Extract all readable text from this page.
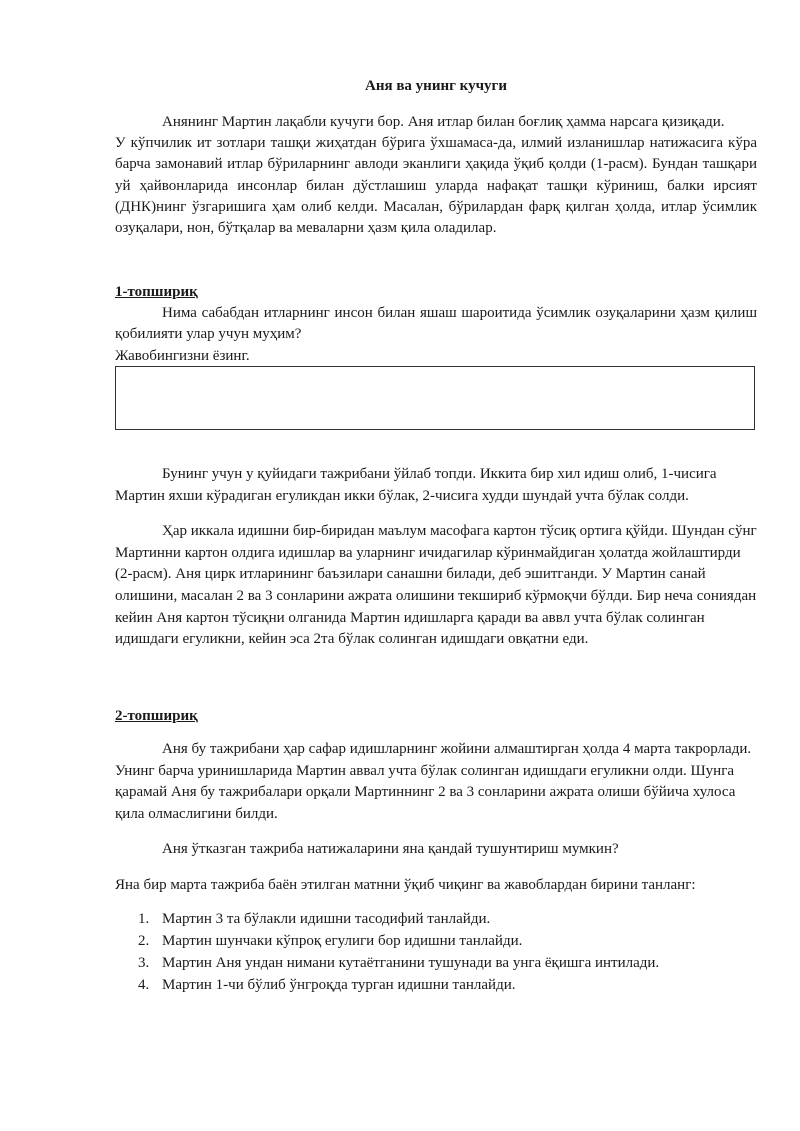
Аня ва унинг кучуги

Анянинг Мартин лақабли кучуги бор. Аня итлар билан боғлиқ ҳамма нарсага қизиқади.

У кўпчилик ит зотлари ташқи жиҳатдан бўрига ўхшамаса-да, илмий изланишлар натижасига кўра барча замонавий итлар бўриларнинг авлоди эканлиги ҳақида ўқиб қолди (1-расм). Бундан ташқари уй ҳайвонларида инсонлар билан дўстлашиш уларда нафақат ташқи кўриниш, балки ирсият (ДНК)нинг ўзгаришига ҳам олиб келди. Масалан, бўрилардан фарқ қилган ҳолда, итлар ўсимлик озуқалари, нон, бўтқалар ва меваларни ҳазм қила оладилар.

1-топшириқ

Нима сабабдан итларнинг инсон билан яшаш шароитида ўсимлик озуқаларини ҳазм қилиш қобилияти улар учун муҳим?

Жавобингизни ёзинг.

Бунинг учун у қуйидаги тажрибани ўйлаб топди. Иккита бир хил идиш олиб, 1-чисига Мартин яхши кўрадиган егуликдан икки бўлак, 2-чисига худди шундай учта бўлак солди.

Ҳар иккала идишни бир-биридан маълум масофага картон тўсиқ ортига қўйди. Шундан сўнг Мартинни картон олдига идишлар ва уларнинг ичидагилар кўринмайдиган ҳолатда жойлаштирди (2-расм). Аня цирк итларининг баъзилари санашни билади, деб эшитганди. У Мартин санай олишини, масалан 2 ва 3 сонларини ажрата олишини текшириб кўрмоқчи бўлди. Бир неча сониядан кейин Аня картон тўсиқни олганида Мартин идишларга қаради ва аввл учта бўлак солинган идишдаги егуликни, кейин эса 2та бўлак солинган идишдаги овқатни еди.

2-топшириқ

Аня бу тажрибани ҳар сафар идишларнинг жойини алмаштирган ҳолда 4 марта такрорлади. Унинг барча уринишларида Мартин аввал учта бўлак солинган идишдаги егуликни олди. Шунга қарамай Аня бу тажрибалари орқали Мартиннинг 2 ва 3 сонларини ажрата олиши бўйича хулоса қила олмаслигини билди.

Аня ўтказган тажриба натижаларини яна қандай тушунтириш мумкин?

Яна бир марта тажриба баён этилган матнни ўқиб чиқинг ва жавоблардан бирини танланг:

1. Мартин 3 та бўлакли идишни тасодифий танлайди.
2. Мартин шунчаки кўпроқ егулиги бор идишни танлайди.
3. Мартин Аня ундан нимани кутаётганини тушунади ва унга ёқишга интилади.
4. Мартин 1-чи бўлиб ўнгроқда турган идишни танлайди.
